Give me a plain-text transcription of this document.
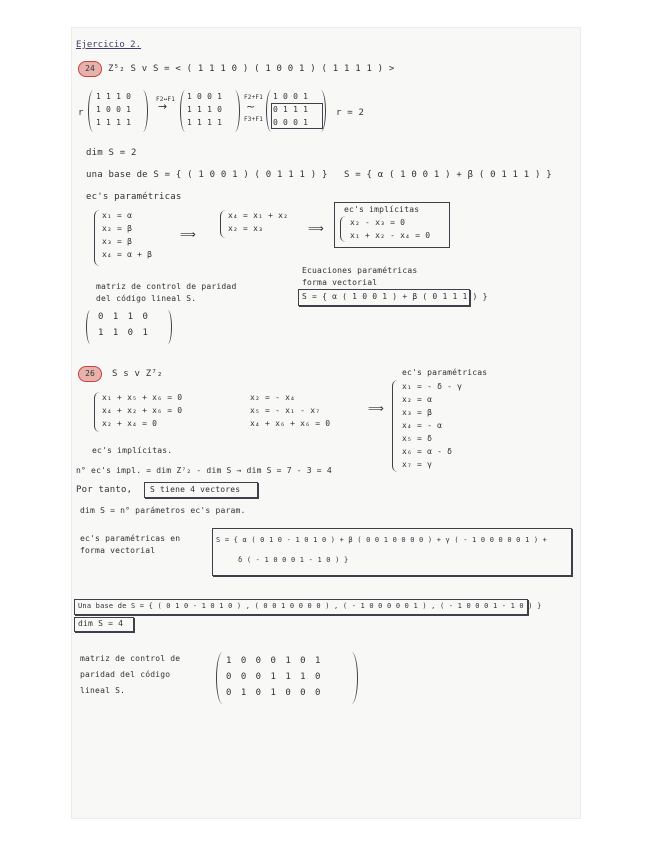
Ejercicio 2.
24	Z⁵₂ S v S = < ( 1 1 1 0 ) ( 1 0 0 1 ) ( 1 1 1 1 ) >
r
1 1 1 0
1 0 0 1
1 1 1 1
F2↔F1
→
1 0 0 1
1 1 1 0
1 1 1 1
F2+F1
~
F3+F1
1 0 0 1
0 1 1 1
0 0 0 1
r = 2
dim S = 2
una base de S = { ( 1 0 0 1 ) ( 0 1 1 1 ) } S = { α ( 1 0 0 1 ) + β ( 0 1 1 1 ) }
ec's paramétricas
x₁ = α
x₂ = β
x₃ = β
x₄ = α + β
⟹
x₄ = x₁ + x₂
x₂ = x₃	⟹
ec's implícitas
x₂ - x₃ = 0
x₁ + x₂ - x₄ = 0
Ecuaciones paramétricas
forma vectorial
S = { α ( 1 0 0 1 ) + β ( 0 1 1 1 ) }
matriz de control de paridad
del código lineal S.
0 1 1 0
1 1 0 1
26	S s v Z⁷₂
x₁ + x₅ + x₆ = 0
x₄ + x₂ + x₆ = 0
x₂ + x₄ = 0
x₂ = - x₄
x₅ = - x₁ - x₇
x₄ + x₆ + x₆ = 0
⟹
ec's paramétricas
x₁ = - δ - γ
x₂ = α
x₃ = β
x₄ = - α
x₅ = δ
x₆ = α - δ
x₇ = γ
ec's implícitas.
n° ec's impl. = dim Z⁷₂ - dim S → dim S = 7 - 3 = 4
Por tanto, S tiene 4 vectores
dim S = n° parámetros ec's param.
ec's paramétricas en
forma vectorial
S = { α ( 0 1 0 - 1 0 1 0 ) + β ( 0 0 1 0 0 0 0 ) + γ ( - 1 0 0 0 0 0 1 ) +
δ ( - 1 0 0 0 1 - 1 0 ) }
Una base de S = { ( 0 1 0 - 1 0 1 0 ) , ( 0 0 1 0 0 0 0 ) , ( - 1 0 0 0 0 0 1 ) , ( - 1 0 0 0 1 - 1 0 ) }
dim S = 4
matriz de control de
paridad del código
lineal S.
1 0 0 0 1 0 1
0 0 0 1 1 1 0
0 1 0 1 0 0 0
